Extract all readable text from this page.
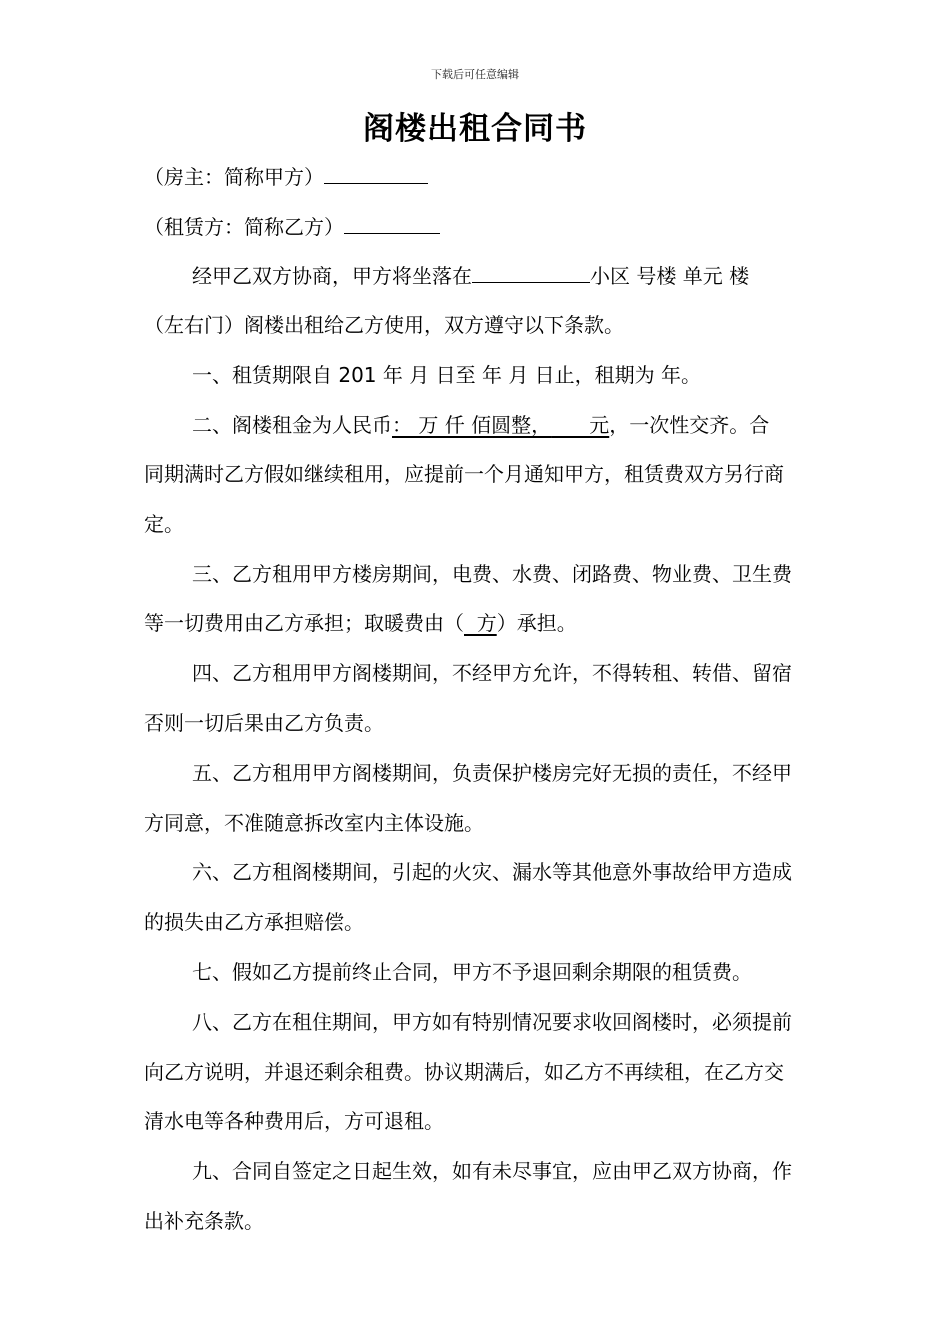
下载后可任意编辑
阁楼出租合同书
（房主：简称甲方）
（租赁方：简称乙方）
经甲乙双方协商，甲方将坐落在	小区 号楼 单元 楼
（左右门）阁楼出租给乙方使用，双方遵守以下条款。
一、租赁期限自 201 年 月 日至 年 月 日止，租期为 年。
二、阁楼租金为人民币： 万 仟 佰圆整，      元，一次性交齐。合
同期满时乙方假如继续租用，应提前一个月通知甲方，租赁费双方另行商
定。
三、乙方租用甲方楼房期间，电费、水费、闭路费、物业费、卫生费
等一切费用由乙方承担；取暖费由（  方）承担。
四、乙方租用甲方阁楼期间，不经甲方允许，不得转租、转借、留宿
否则一切后果由乙方负责。
五、乙方租用甲方阁楼期间，负责保护楼房完好无损的责任，不经甲
方同意，不准随意拆改室内主体设施。
六、乙方租阁楼期间，引起的火灾、漏水等其他意外事故给甲方造成
的损失由乙方承担赔偿。
七、假如乙方提前终止合同，甲方不予退回剩余期限的租赁费。
八、乙方在租住期间，甲方如有特别情况要求收回阁楼时，必须提前
向乙方说明，并退还剩余租费。协议期满后，如乙方不再续租，在乙方交
清水电等各种费用后，方可退租。
九、合同自签定之日起生效，如有未尽事宜，应由甲乙双方协商，作
出补充条款。
